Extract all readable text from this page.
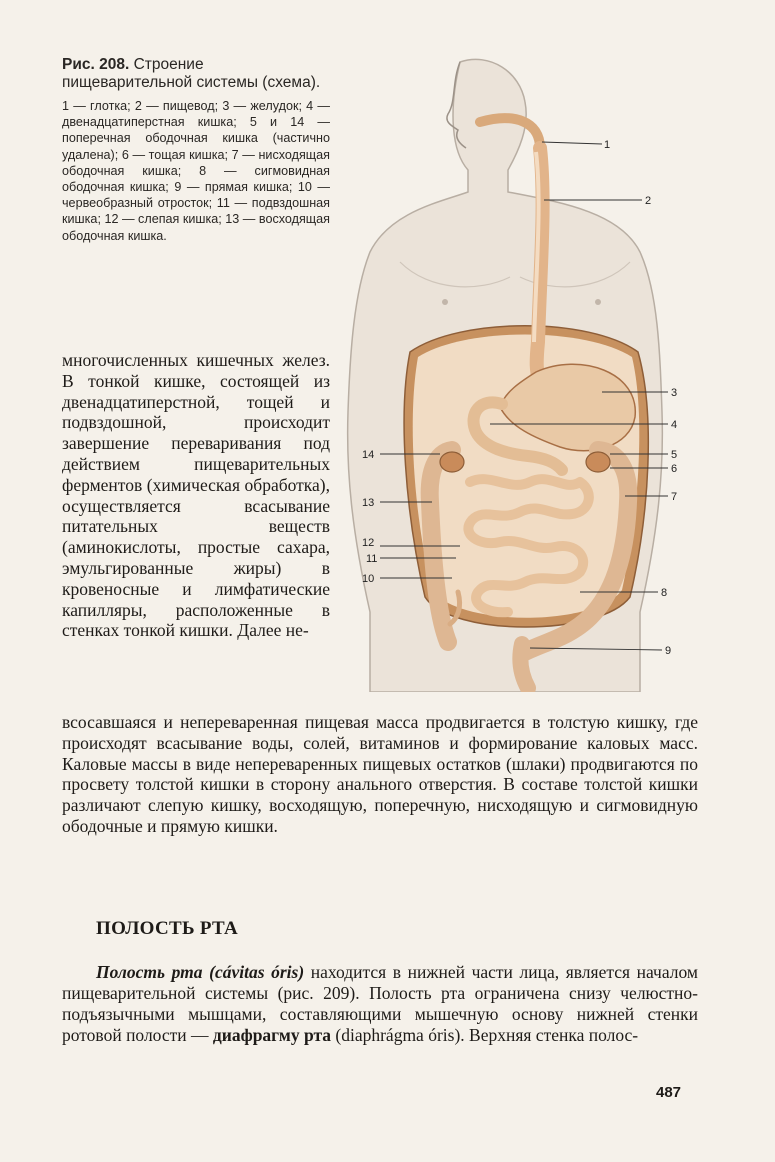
Рис. 208. Строение пищеварительной системы (схема).

1 — глотка; 2 — пищевод; 3 — желудок; 4 — двенадцатиперстная кишка; 5 и 14 — поперечная ободочная кишка (частично удалена); 6 — тощая кишка; 7 — нисходящая ободочная кишка; 8 — сигмовидная ободочная кишка; 9 — прямая кишка; 10 — червеобразный отросток; 11 — подвздошная кишка; 12 — слепая кишка; 13 — восходящая ободочная кишка.

1
2
3
4
5
6
7
8
9
10
11
12
13
14

многочисленных кишечных желез. В тонкой кишке, состоящей из двенадцатиперстной, тощей и подвздошной, происходит завершение переваривания под действием пищеварительных ферментов (химическая обработка), осуществляется всасывание питательных веществ (аминокислоты, простые сахара, эмульгированные жиры) в кровеносные и лимфатические капилляры, расположенные в стенках тонкой кишки. Далее не-

всосавшаяся и непереваренная пищевая масса продвигается в толстую кишку, где происходят всасывание воды, солей, витаминов и формирование каловых масс. Каловые массы в виде непереваренных пищевых остатков (шлаки) продвигаются по просвету толстой кишки в сторону анального отверстия. В составе толстой кишки различают слепую кишку, восходящую, поперечную, нисходящую и сигмовидную ободочные и прямую кишки.

ПОЛОСТЬ РТА

Полость рта (cávitas óris) находится в нижней части лица, является началом пищеварительной системы (рис. 209). Полость рта ограничена снизу челюстно-подъязычными мышцами, составляющими мышечную основу нижней стенки ротовой полости — диафрагму рта (diaphrágma óris). Верхняя стенка полос-

487
